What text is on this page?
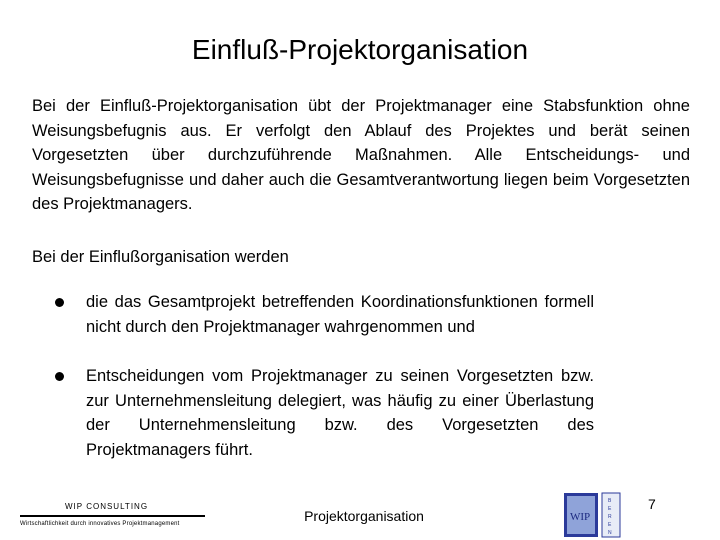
Einfluß-Projektorganisation
Bei der Einfluß-Projektorganisation übt der Projektmanager eine Stabsfunktion ohne Weisungsbefugnis aus. Er verfolgt den Ablauf des Projektes und berät seinen Vorgesetzten über durchzuführende Maßnahmen. Alle Entscheidungs- und Weisungsbefugnisse und daher auch die Gesamtverantwortung liegen beim Vorgesetzten des Projektmanagers.
Bei der Einflußorganisation werden
die das Gesamtprojekt betreffenden Koordinationsfunktionen formell nicht durch den Projektmanager wahrgenommen und
Entscheidungen vom Projektmanager zu seinen Vorgesetzten bzw. zur Unternehmensleitung delegiert, was häufig zu einer Überlastung der Unternehmensleitung bzw. des Vorgesetzten des Projektmanagers führt.
WIP CONSULTING
Wirtschaftlichkeit durch innovatives Projektmanagement	Projektorganisation	WIP
B
E
R
E
N
7
